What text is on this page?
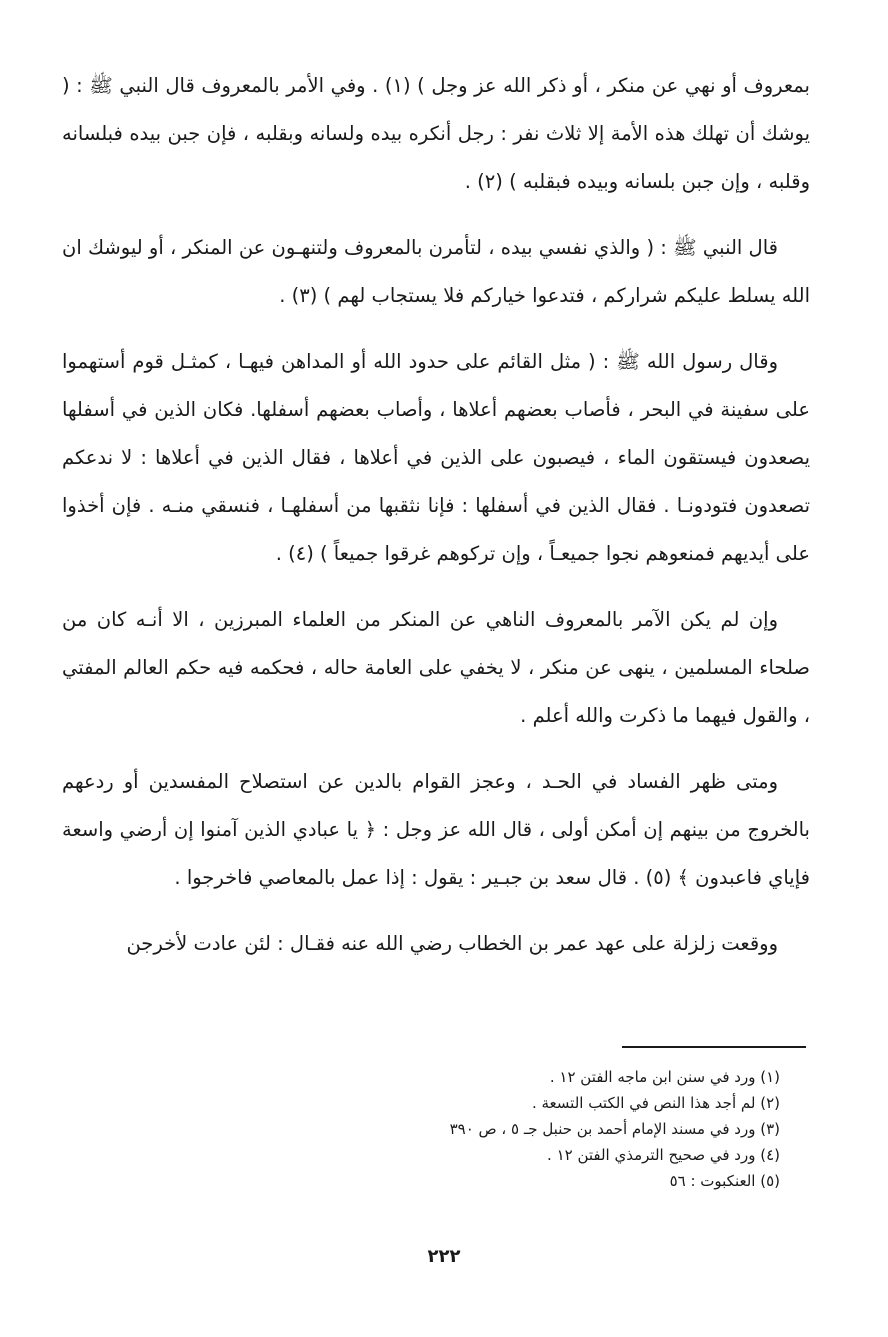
بمعروف أو نهي عن منكر ، أو ذكر الله عز وجل ) (١) . وفي الأمر بالمعروف قال النبي ﷺ : ( يوشك أن تهلك هذه الأمة إلا ثلاث نفر : رجل أنكره بيده ولسانه وبقلبه ، فإن جبن بيده فبلسانه وقلبه ، وإن جبن بلسانه وبيده فبقلبه ) (٢) .

قال النبي ﷺ : ( والذي نفسي بيده ، لتأمرن بالمعروف ولتنهـون عن المنكر ، أو ليوشك ان الله يسلط عليكم شراركم ، فتدعوا خياركم فلا يستجاب لهم ) (٣) .

وقال رسول الله ﷺ : ( مثل القائم على حدود الله أو المداهن فيهـا ، كمثـل قوم أستهموا على سفينة في البحر ، فأصاب بعضهم أعلاها ، وأصاب بعضهم أسفلها. فكان الذين في أسفلها يصعدون فيستقون الماء ، فيصبون على الذين في أعلاها ، فقال الذين في أعلاها : لا ندعكم تصعدون فتودونـا . فقال الذين في أسفلها : فإنا نثقبها من أسفلهـا ، فنسقي منـه . فإن أخذوا على أيديهم فمنعوهم نجوا جميعـاً ، وإن تركوهم غرقوا جميعاً ) (٤) .

وإن لم يكن الآمر بالمعروف الناهي عن المنكر من العلماء المبرزين ، الا أنـه كان من صلحاء المسلمين ، ينهى عن منكر ، لا يخفي على العامة حاله ، فحكمه فيه حكم العالم المفتي ، والقول فيهما ما ذكرت والله أعلم .

ومتى ظهر الفساد في الحـد ، وعجز القوام بالدين عن استصلاح المفسدين أو ردعهم بالخروج من بينهم إن أمكن أولى ، قال الله عز وجل : ﴿ يا عبادي الذين آمنوا إن أرضي واسعة فإياي فاعبدون ﴾ (٥) . قال سعد بن جبـير : يقول : إذا عمل بالمعاصي فاخرجوا .

ووقعت زلزلة على عهد عمر بن الخطاب رضي الله عنه فقـال : لئن عادت لأخرجن

(١) ورد في سنن ابن ماجه الفتن ١٢ .
(٢) لم أجد هذا النص في الكتب التسعة .
(٣) ورد في مسند الإمام أحمد بن حنبل جـ ٥ ، ص ٣٩٠
(٤) ورد في صحيح الترمذي الفتن ١٢ .
(٥) العنكبوت : ٥٦
٢٢٢
